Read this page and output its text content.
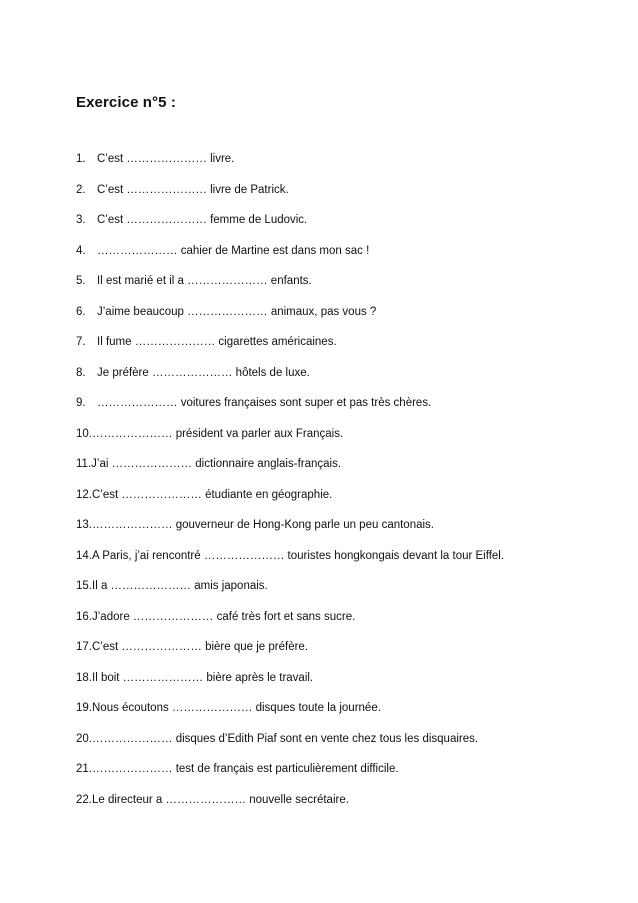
Exercice n°5 :
1. C’est ………………… livre.
2. C’est ………………… livre de Patrick.
3. C’est ………………… femme de Ludovic.
4. ………………… cahier de Martine est dans mon sac !
5. Il est marié et il a ………………… enfants.
6. J’aime beaucoup ………………… animaux, pas vous ?
7. Il fume ………………… cigarettes américaines.
8. Je préfère ………………… hôtels de luxe.
9. ………………… voitures françaises sont super et pas très chères.
10. ………………… président va parler aux Français.
11. J’ai ………………… dictionnaire anglais-français.
12. C’est ………………… étudiante en géographie.
13. ………………… gouverneur de Hong-Kong parle un peu cantonais.
14. A Paris, j’ai rencontré ………………… touristes hongkongais devant la tour Eiffel.
15. Il a ………………… amis japonais.
16. J’adore ………………… café très fort et sans sucre.
17. C’est ………………… bière que je préfère.
18. Il boit ………………… bière après le travail.
19. Nous écoutons ………………… disques toute la journée.
20. ………………… disques d’Edith Piaf sont en vente chez tous les disquaires.
21. ………………… test de français est particulièrement difficile.
22. Le directeur a ………………… nouvelle secrétaire.
